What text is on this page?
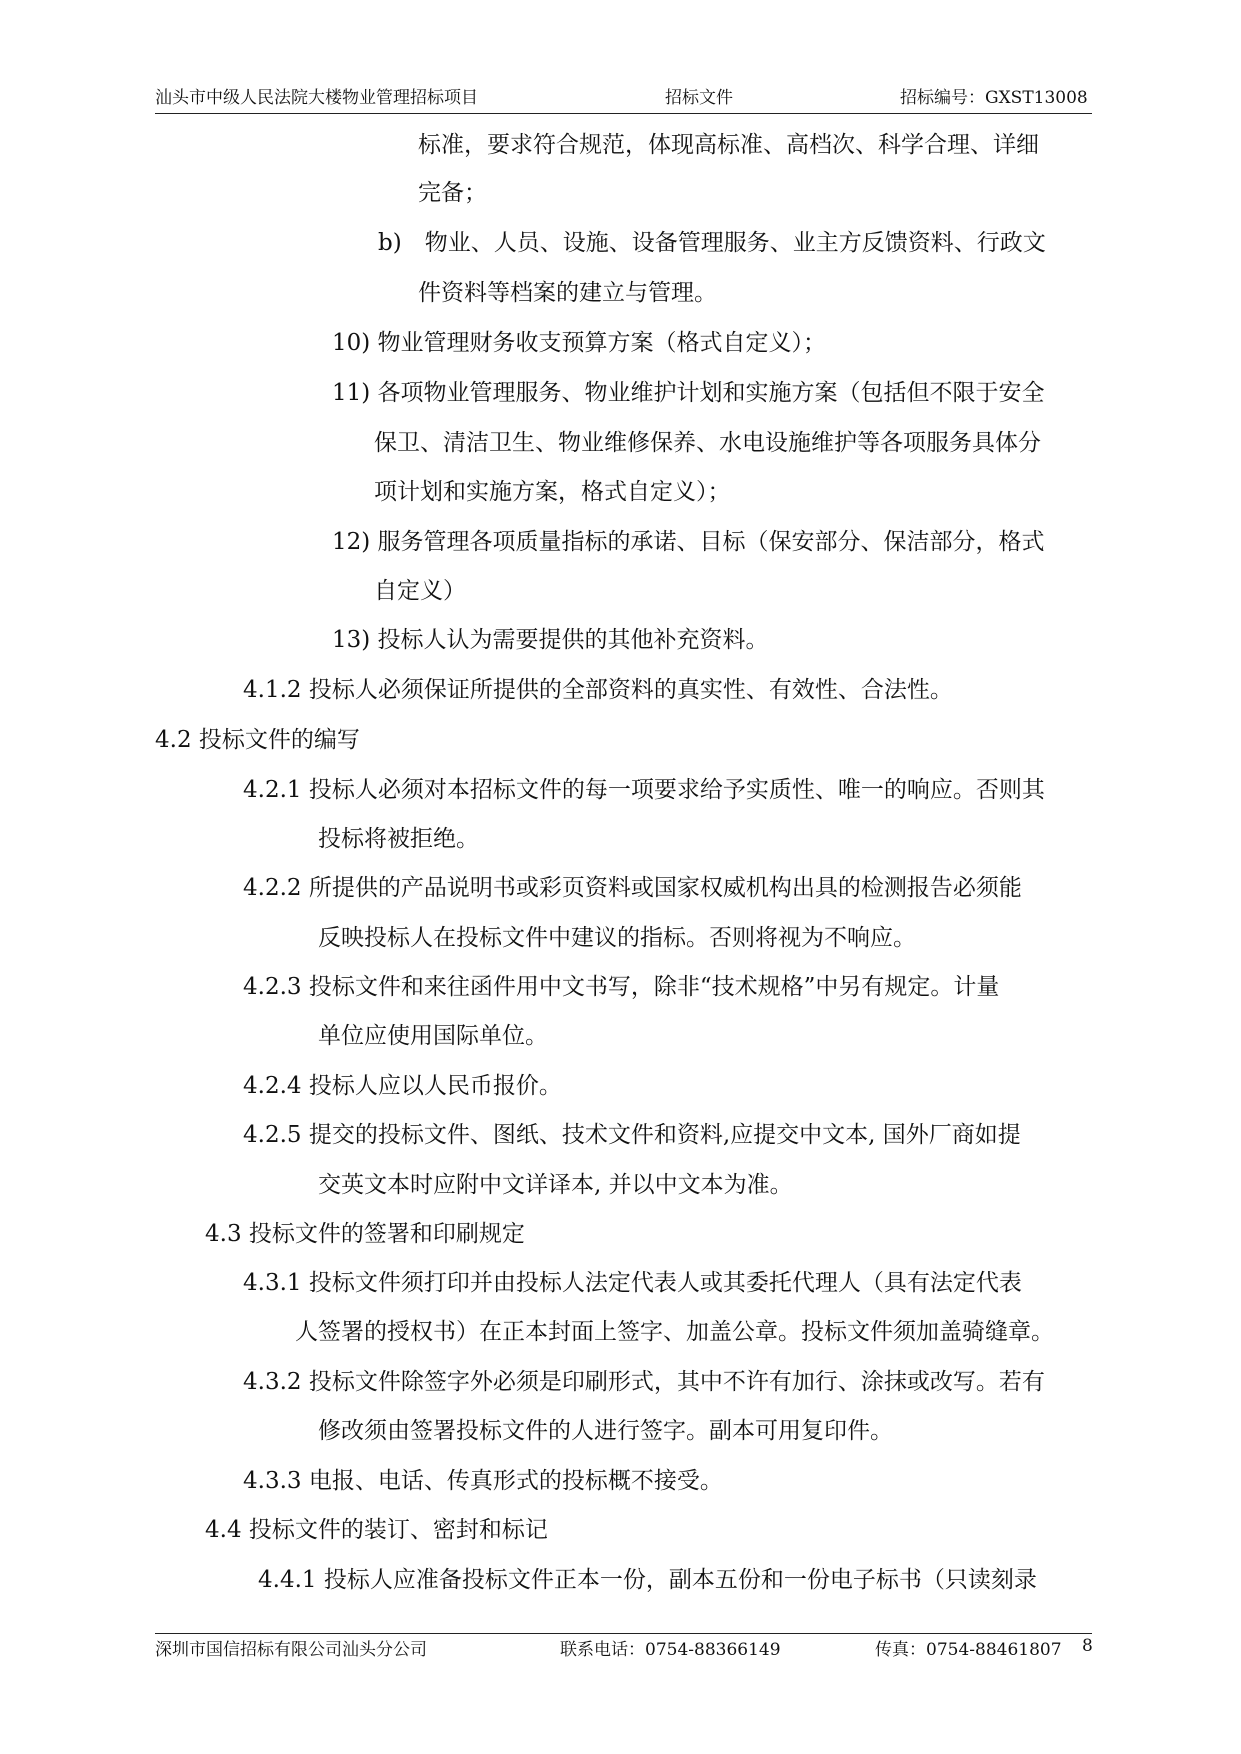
汕头市中级人民法院大楼物业管理招标项目	招标文件	招标编号：GXST13008
标准，要求符合规范，体现高标准、高档次、科学合理、详细
完备；
b)　物业、人员、设施、设备管理服务、业主方反馈资料、行政文
件资料等档案的建立与管理。
10) 物业管理财务收支预算方案（格式自定义）；
11) 各项物业管理服务、物业维护计划和实施方案（包括但不限于安全
保卫、清洁卫生、物业维修保养、水电设施维护等各项服务具体分
项计划和实施方案，格式自定义）；
12) 服务管理各项质量指标的承诺、目标（保安部分、保洁部分，格式
自定义）
13) 投标人认为需要提供的其他补充资料。
4.1.2 投标人必须保证所提供的全部资料的真实性、有效性、合法性。
4.2 投标文件的编写
4.2.1 投标人必须对本招标文件的每一项要求给予实质性、唯一的响应。否则其
投标将被拒绝。
4.2.2 所提供的产品说明书或彩页资料或国家权威机构出具的检测报告必须能
反映投标人在投标文件中建议的指标。否则将视为不响应。
4.2.3 投标文件和来往函件用中文书写，除非“技术规格”中另有规定。计量
单位应使用国际单位。
4.2.4 投标人应以人民币报价。
4.2.5 提交的投标文件、图纸、技术文件和资料,应提交中文本, 国外厂商如提
交英文本时应附中文详译本, 并以中文本为准。
4.3 投标文件的签署和印刷规定
4.3.1 投标文件须打印并由投标人法定代表人或其委托代理人（具有法定代表
人签署的授权书）在正本封面上签字、加盖公章。投标文件须加盖骑缝章。
4.3.2 投标文件除签字外必须是印刷形式，其中不许有加行、涂抹或改写。若有
修改须由签署投标文件的人进行签字。副本可用复印件。
4.3.3 电报、电话、传真形式的投标概不接受。
4.4 投标文件的装订、密封和标记
4.4.1 投标人应准备投标文件正本一份，副本五份和一份电子标书（只读刻录
深圳市国信招标有限公司汕头分公司	联系电话：0754-88366149	传真：0754-88461807 8
